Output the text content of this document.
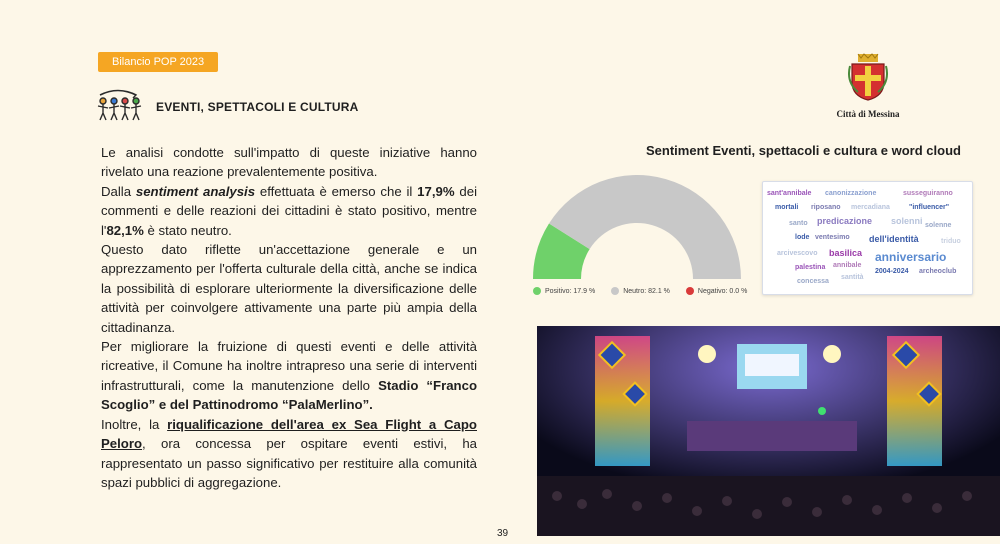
Bilancio POP 2023
EVENTI, SPETTACOLI E CULTURA
Città di Messina

Le analisi condotte sull'impatto di queste iniziative hanno rivelato una reazione prevalentemente positiva.

Dalla sentiment analysis effettuata è emerso che il 17,9% dei commenti e delle reazioni dei cittadini è stato positivo, mentre l'82,1% è stato neutro.

Questo dato riflette un'accettazione generale e un apprezzamento per l'offerta culturale della città, anche se indica la possibilità di esplorare ulteriormente la diversificazione delle attività per coinvolgere attivamente una parte più ampia della cittadinanza.

Per migliorare la fruizione di questi eventi e delle attività ricreative, il Comune ha inoltre intrapreso una serie di interventi infrastrutturali, come la manutenzione dello Stadio “Franco Scoglio” e del Pattinodromo “PalaMerlino”.

Inoltre, la riqualificazione dell'area ex Sea Flight a Capo Peloro, ora concessa per ospitare eventi estivi, ha rappresentato un passo significativo per restituire alla comunità spazi pubblici di aggregazione.

Sentiment Eventi, spettacoli e cultura e word cloud
Positivo: 17.9 %	Neutro: 82.1 %	Negativo: 0.0 %
sant'annibale canonizzazione	susseguiranno
mortali riposano mercadiana	"influencer"
santo predicazione solenni solenne
lode ventesimo dell'identità	triduo
arcivescovo basilica anniversario
palestina annibale
2004-2024 archeoclub
concessa
santità
39
